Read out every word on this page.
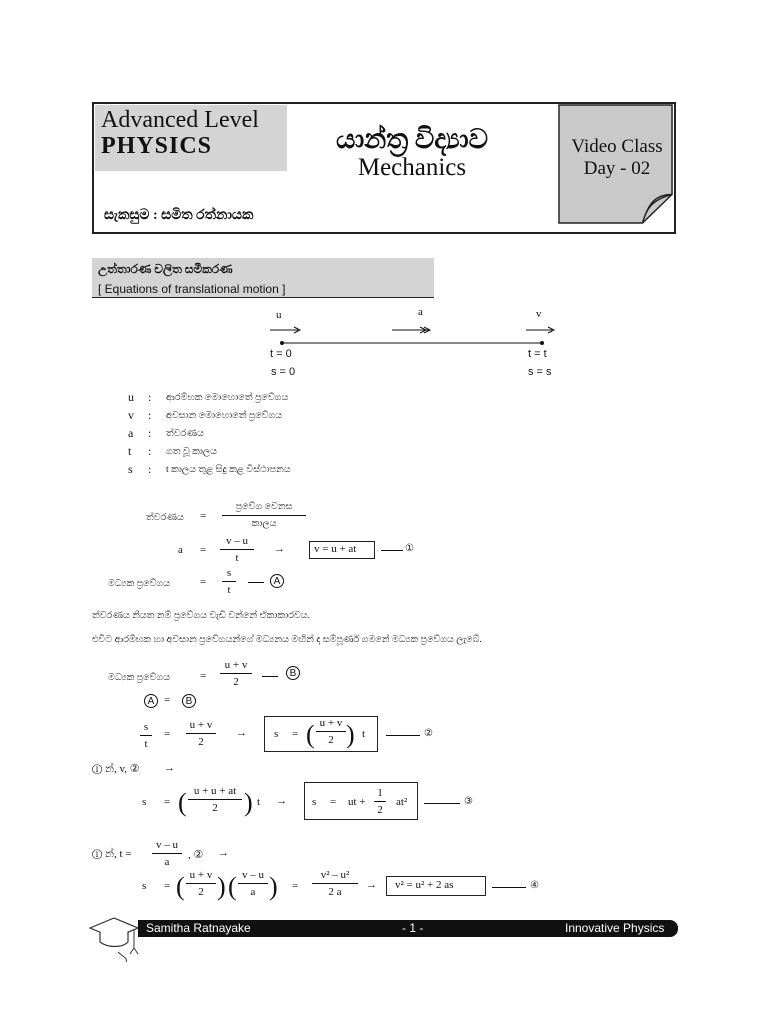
Advanced Level
PHYSICS	යාන්ත්‍ර විද්‍යාව
Mechanics
Video Class
Day - 02
සැකසුම : සමිත රත්නායක
උත්තාරණ චලිත සමීකරණ
[ Equations of translational motion ]
u	a	v
t = 0
s = 0
t = t
s = s
u : ආරම්භක මොහොතේ ප්‍රවේගය
v : අවසාන මොහොතේ ප්‍රවේගය
a : ත්වරණය
t : ගත වූ කාලය
s : t කාලය තුළ සිදු කළ විස්ථාපනය
ත්වරණය =
ප්‍රවේග වෙනස
කාලය
a =
v – u
t
→	v = u + at	①
මධ්‍යක ප්‍රවේගය	=
s
t
A
ත්වරණය නියත නම් ප්‍රවේගය වැඩි වන්නේ ඒකාකාරවය.
එවිට ආරම්භක හා අවසාන ප්‍රවේගයන්ගේ මධ්‍යනය මඟින් ද සම්පූර්ණ ගමනේ මධ්‍යක ප්‍රවේගය ලැබේ.
මධ්‍යක ප්‍රවේගය	=
u + v
2
B
A =	B
s
t
=
u + v
2
→ s = ( u + v
2 ) t	②
① න්, v, ② →
s = ( u + u + at
2	) t → s = ut +
1
2
at²	③
① න්, t =
v – u
a
, ② →
s = ( u + v
2 ) ( v – u
a ) =
v² – u²
2 a
→	v² = u² + 2 as	④
Samitha Ratnayake	- 1 -	Innovative Physics
